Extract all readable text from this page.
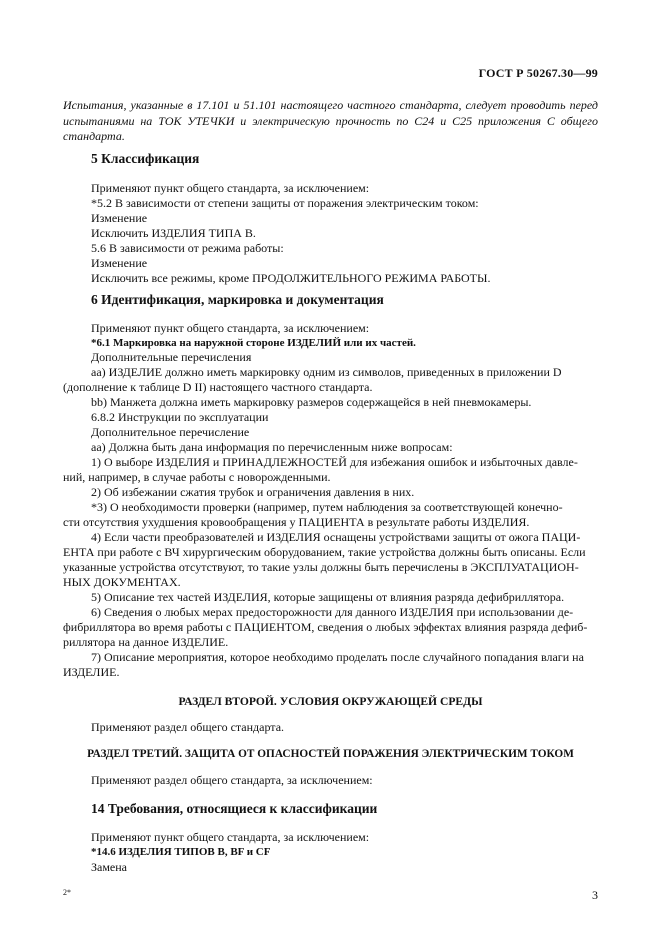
ГОСТ Р 50267.30—99
Испытания, указанные в 17.101 и 51.101 настоящего частного стандарта, следует проводить перед испытаниями на ТОК УТЕЧКИ и электрическую прочность по С24 и С25 приложения С общего стандарта.
5 Классификация
Применяют пункт общего стандарта, за исключением:
*5.2 В зависимости от степени защиты от поражения электрическим током:
Изменение
Исключить ИЗДЕЛИЯ ТИПА B.
5.6 В зависимости от режима работы:
Изменение
Исключить все режимы, кроме ПРОДОЛЖИТЕЛЬНОГО РЕЖИМА РАБОТЫ.
6 Идентификация, маркировка и документация
Применяют пункт общего стандарта, за исключением:
*6.1 Маркировка на наружной стороне ИЗДЕЛИЙ или их частей.
Дополнительные перечисления
аа) ИЗДЕЛИЕ должно иметь маркировку одним из символов, приведенных в приложении D
(дополнение к таблице D II) настоящего частного стандарта.
bb) Манжета должна иметь маркировку размеров содержащейся в ней пневмокамеры.
6.8.2 Инструкции по эксплуатации
Дополнительное перечисление
аа) Должна быть дана информация по перечисленным ниже вопросам:
1) О выборе ИЗДЕЛИЯ и ПРИНАДЛЕЖНОСТЕЙ для избежания ошибок и избыточных давле-
ний, например, в случае работы с новорожденными.
2) Об избежании сжатия трубок и ограничения давления в них.
*3) О необходимости проверки (например, путем наблюдения за соответствующей конечно-
сти отсутствия ухудшения кровообращения у ПАЦИЕНТА в результате работы ИЗДЕЛИЯ.
4) Если части преобразователей и ИЗДЕЛИЯ оснащены устройствами защиты от ожога ПАЦИ-
ЕНТА при работе с ВЧ хирургическим оборудованием, такие устройства должны быть описаны. Если
указанные устройства отсутствуют, то такие узлы должны быть перечислены в ЭКСПЛУАТАЦИОН-
НЫХ ДОКУМЕНТАХ.
5) Описание тех частей ИЗДЕЛИЯ, которые защищены от влияния разряда дефибриллятора.
6) Сведения о любых мерах предосторожности для данного ИЗДЕЛИЯ при использовании де-
фибриллятора во время работы с ПАЦИЕНТОМ, сведения о любых эффектах влияния разряда дефиб-
риллятора на данное ИЗДЕЛИЕ.
7) Описание мероприятия, которое необходимо проделать после случайного попадания влаги на
ИЗДЕЛИЕ.
РАЗДЕЛ ВТОРОЙ. УСЛОВИЯ ОКРУЖАЮЩЕЙ СРЕДЫ
Применяют раздел общего стандарта.
РАЗДЕЛ ТРЕТИЙ. ЗАЩИТА ОТ ОПАСНОСТЕЙ ПОРАЖЕНИЯ ЭЛЕКТРИЧЕСКИМ ТОКОМ
Применяют раздел общего стандарта, за исключением:
14 Требования, относящиеся к классификации
Применяют пункт общего стандарта, за исключением:
*14.6 ИЗДЕЛИЯ ТИПОВ B, BF и CF
Замена
2*	3
